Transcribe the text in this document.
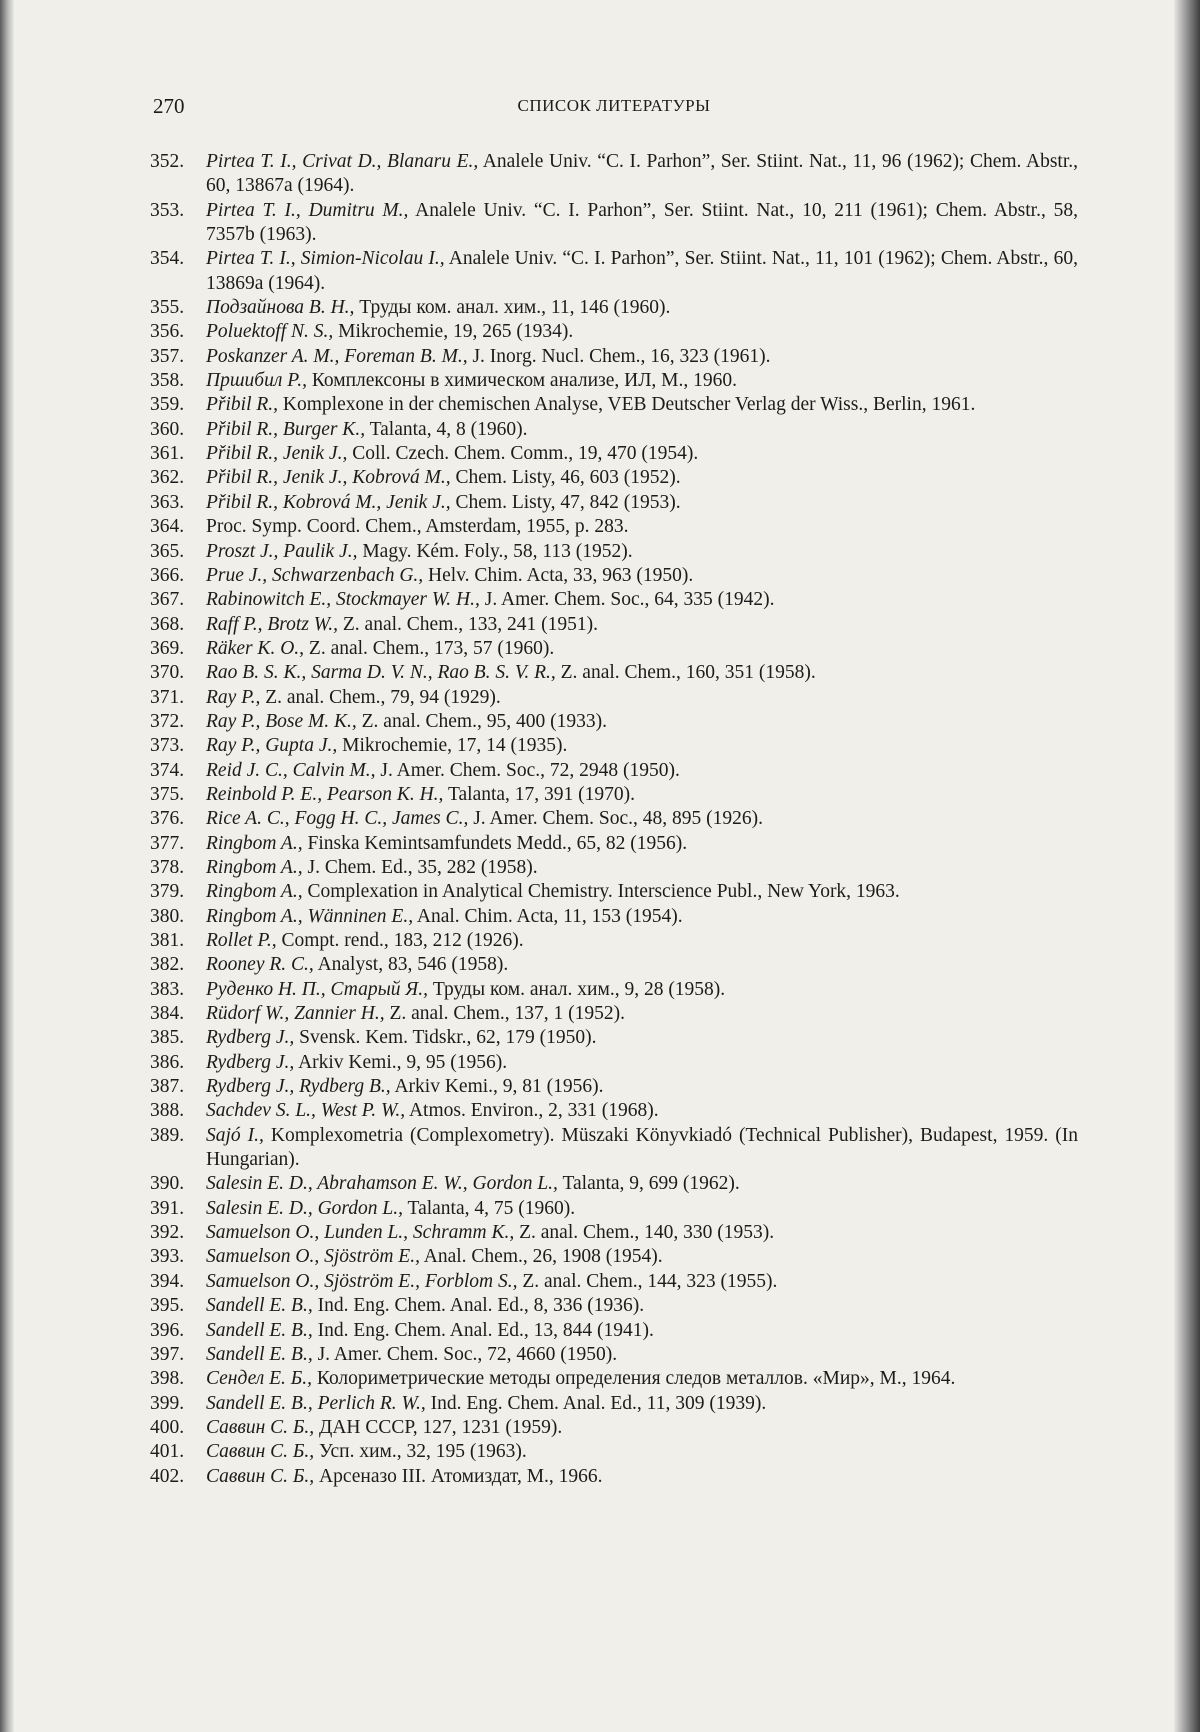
270	СПИСОК ЛИТЕРАТУРЫ
352.	Pirtea T. I., Crivat D., Blanaru E., Analele Univ. “C. I. Parhon”, Ser. Stiint. Nat., 11, 96 (1962); Chem. Abstr., 60, 13867a (1964).
353.	Pirtea T. I., Dumitru M., Analele Univ. “C. I. Parhon”, Ser. Stiint. Nat., 10, 211 (1961); Chem. Abstr., 58, 7357b (1963).
354.	Pirtea T. I., Simion-Nicolau I., Analele Univ. “C. I. Parhon”, Ser. Stiint. Nat., 11, 101 (1962); Chem. Abstr., 60, 13869a (1964).
355.	Подзайнова В. Н., Труды ком. анал. хим., 11, 146 (1960).
356.	Poluektoff N. S., Mikrochemie, 19, 265 (1934).
357.	Poskanzer A. M., Foreman B. M., J. Inorg. Nucl. Chem., 16, 323 (1961).
358.	Пршибил Р., Комплексоны в химическом анализе, ИЛ, М., 1960.
359.	Přibil R., Komplexone in der chemischen Analyse, VEB Deutscher Verlag der Wiss., Berlin, 1961.
360.	Přibil R., Burger K., Talanta, 4, 8 (1960).
361.	Přibil R., Jenik J., Coll. Czech. Chem. Comm., 19, 470 (1954).
362.	Přibil R., Jenik J., Kobrová M., Chem. Listy, 46, 603 (1952).
363.	Přibil R., Kobrová M., Jenik J., Chem. Listy, 47, 842 (1953).
364.	Proc. Symp. Coord. Chem., Amsterdam, 1955, p. 283.
365.	Proszt J., Paulik J., Magy. Kém. Foly., 58, 113 (1952).
366.	Prue J., Schwarzenbach G., Helv. Chim. Acta, 33, 963 (1950).
367.	Rabinowitch E., Stockmayer W. H., J. Amer. Chem. Soc., 64, 335 (1942).
368.	Raff P., Brotz W., Z. anal. Chem., 133, 241 (1951).
369.	Räker K. O., Z. anal. Chem., 173, 57 (1960).
370.	Rao B. S. K., Sarma D. V. N., Rao B. S. V. R., Z. anal. Chem., 160, 351 (1958).
371.	Ray P., Z. anal. Chem., 79, 94 (1929).
372.	Ray P., Bose M. K., Z. anal. Chem., 95, 400 (1933).
373.	Ray P., Gupta J., Mikrochemie, 17, 14 (1935).
374.	Reid J. C., Calvin M., J. Amer. Chem. Soc., 72, 2948 (1950).
375.	Reinbold P. E., Pearson K. H., Talanta, 17, 391 (1970).
376.	Rice A. C., Fogg H. C., James C., J. Amer. Chem. Soc., 48, 895 (1926).
377.	Ringbom A., Finska Kemintsamfundets Medd., 65, 82 (1956).
378.	Ringbom A., J. Chem. Ed., 35, 282 (1958).
379.	Ringbom A., Complexation in Analytical Chemistry. Interscience Publ., New York, 1963.
380.	Ringbom A., Wänninen E., Anal. Chim. Acta, 11, 153 (1954).
381.	Rollet P., Compt. rend., 183, 212 (1926).
382.	Rooney R. C., Analyst, 83, 546 (1958).
383.	Руденко Н. П., Старый Я., Труды ком. анал. хим., 9, 28 (1958).
384.	Rüdorf W., Zannier H., Z. anal. Chem., 137, 1 (1952).
385.	Rydberg J., Svensk. Kem. Tidskr., 62, 179 (1950).
386.	Rydberg J., Arkiv Kemi., 9, 95 (1956).
387.	Rydberg J., Rydberg B., Arkiv Kemi., 9, 81 (1956).
388.	Sachdev S. L., West P. W., Atmos. Environ., 2, 331 (1968).
389.	Sajó I., Komplexometria (Complexometry). Müszaki Könyvkiadó (Technical Publisher), Budapest, 1959. (In Hungarian).
390.	Salesin E. D., Abrahamson E. W., Gordon L., Talanta, 9, 699 (1962).
391.	Salesin E. D., Gordon L., Talanta, 4, 75 (1960).
392.	Samuelson O., Lunden L., Schramm K., Z. anal. Chem., 140, 330 (1953).
393.	Samuelson O., Sjöström E., Anal. Chem., 26, 1908 (1954).
394.	Samuelson O., Sjöström E., Forblom S., Z. anal. Chem., 144, 323 (1955).
395.	Sandell E. B., Ind. Eng. Chem. Anal. Ed., 8, 336 (1936).
396.	Sandell E. B., Ind. Eng. Chem. Anal. Ed., 13, 844 (1941).
397.	Sandell E. B., J. Amer. Chem. Soc., 72, 4660 (1950).
398.	Сендел Е. Б., Колориметрические методы определения следов металлов. «Мир», М., 1964.
399.	Sandell E. B., Perlich R. W., Ind. Eng. Chem. Anal. Ed., 11, 309 (1939).
400.	Саввин С. Б., ДАН СССР, 127, 1231 (1959).
401.	Саввин С. Б., Усп. хим., 32, 195 (1963).
402.	Саввин С. Б., Арсеназо III. Атомиздат, М., 1966.
